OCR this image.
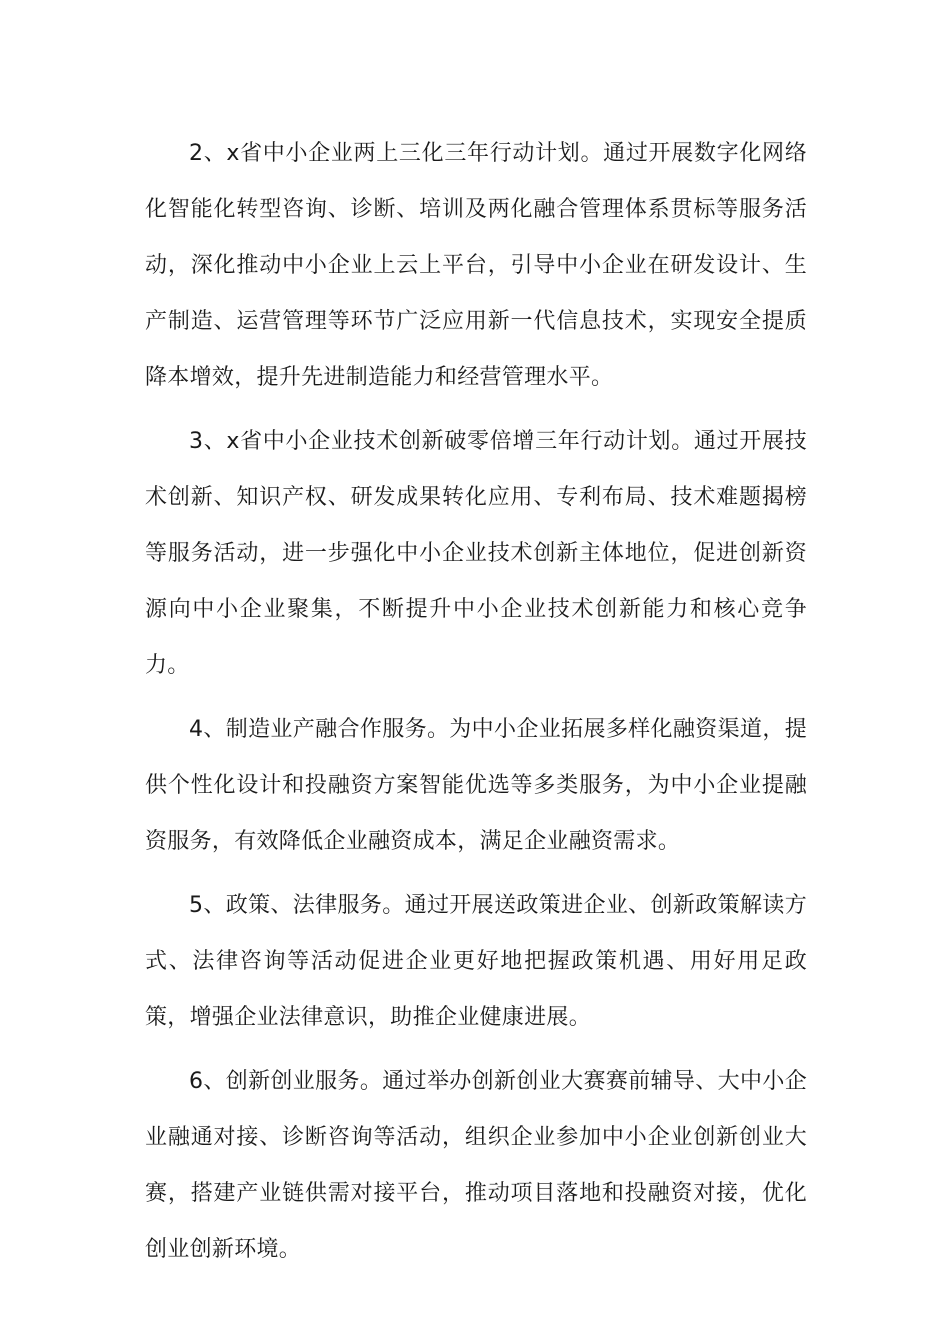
2、x省中小企业两上三化三年行动计划。通过开展数字化网络化智能化转型咨询、诊断、培训及两化融合管理体系贯标等服务活动，深化推动中小企业上云上平台，引导中小企业在研发设计、生产制造、运营管理等环节广泛应用新一代信息技术，实现安全提质降本增效，提升先进制造能力和经营管理水平。

3、x省中小企业技术创新破零倍增三年行动计划。通过开展技术创新、知识产权、研发成果转化应用、专利布局、技术难题揭榜等服务活动，进一步强化中小企业技术创新主体地位，促进创新资源向中小企业聚集，不断提升中小企业技术创新能力和核心竞争力。

4、制造业产融合作服务。为中小企业拓展多样化融资渠道，提供个性化设计和投融资方案智能优选等多类服务，为中小企业提融资服务，有效降低企业融资成本，满足企业融资需求。

5、政策、法律服务。通过开展送政策进企业、创新政策解读方式、法律咨询等活动促进企业更好地把握政策机遇、用好用足政策，增强企业法律意识，助推企业健康进展。

6、创新创业服务。通过举办创新创业大赛赛前辅导、大中小企业融通对接、诊断咨询等活动，组织企业参加中小企业创新创业大赛，搭建产业链供需对接平台，推动项目落地和投融资对接，优化创业创新环境。
